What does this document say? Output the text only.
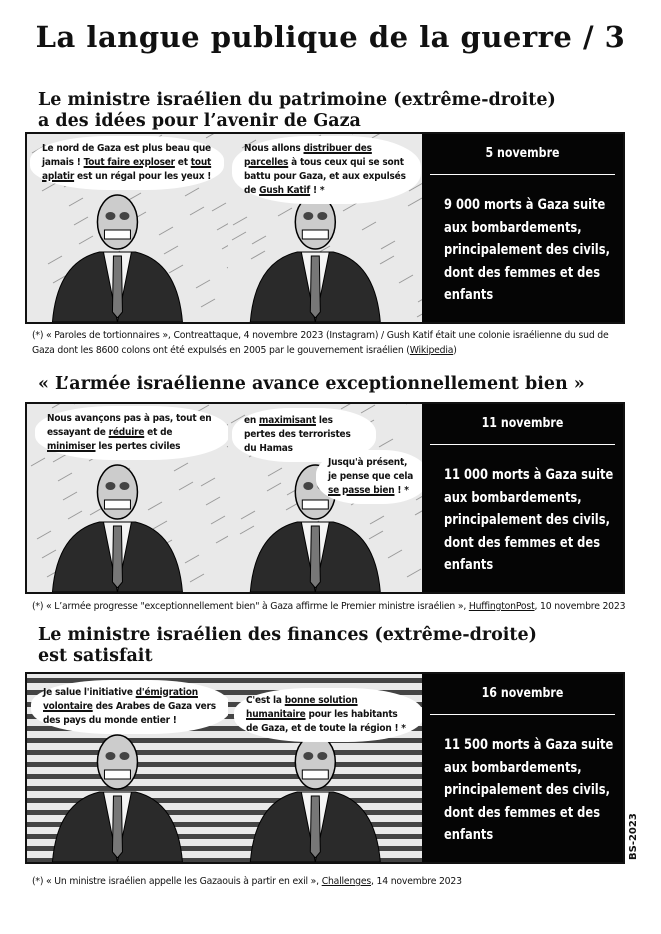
La langue publique de la guerre / 3
Le ministre israélien du patrimoine (extrême-droite)
a des idées pour l’avenir de Gaza
Le nord de Gaza est plus beau que jamais ! Tout faire exploser et tout aplatir est un régal pour les yeux !
Nous allons distribuer des parcelles à tous ceux qui se sont battu pour Gaza, et aux expulsés de Gush Katif ! *
5 novembre
9 000 morts à Gaza suite aux bombardements, principalement des civils, dont des femmes et des enfants
(*) « Paroles de tortionnaires », Contreattaque, 4 novembre 2023 (Instagram) / Gush Katif était une colonie israélienne du sud de Gaza dont les 8600 colons ont été expulsés en 2005 par le gouvernement israélien (Wikipedia)
« L’armée israélienne avance exceptionnellement bien »
Nous avançons pas à pas, tout en essayant de réduire et de minimiser les pertes civiles
en maximisant les pertes des terroristes du Hamas
Jusqu'à présent, je pense que cela se passe bien ! *
11 novembre
11 000 morts à Gaza suite aux bombardements, principalement des civils, dont des femmes et des enfants
(*) « L’armée progresse "exceptionnellement bien" à Gaza affirme le Premier ministre israélien », HuffingtonPost, 10 novembre 2023
Le ministre israélien des finances (extrême-droite)
est satisfait
Je salue l'initiative d'émigration volontaire des Arabes de Gaza vers des pays du monde entier !
C'est la bonne solution humanitaire pour les habitants de Gaza, et de toute la région ! *
16 novembre
11 500 morts à Gaza suite aux bombardements, principalement des civils, dont des femmes et des enfants
(*) « Un ministre israélien appelle les Gazaouis à partir en exil », Challenges, 14 novembre 2023
BS-2023
